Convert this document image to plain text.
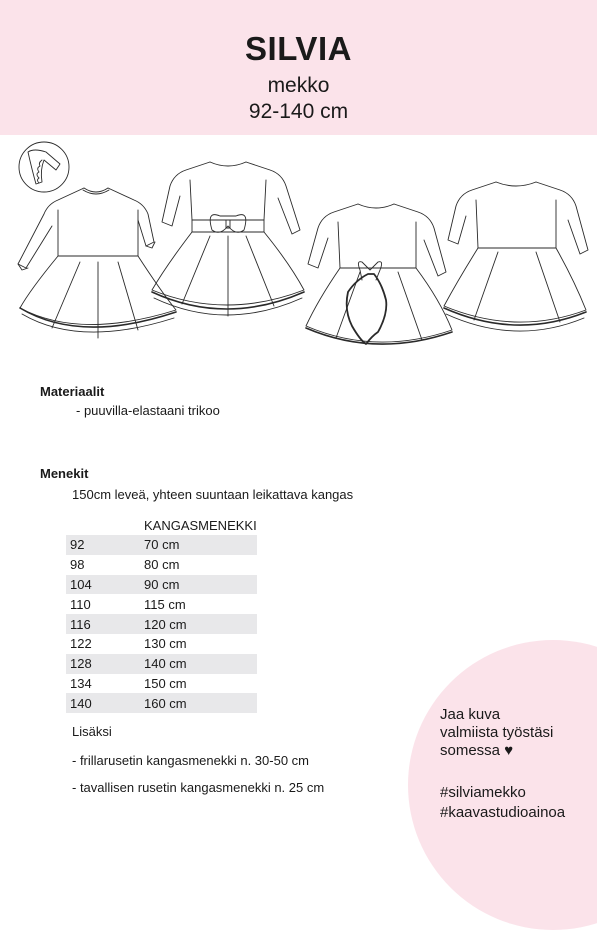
SILVIA
mekko
92-140 cm
Materiaalit
- puuvilla-elastaani trikoo
Menekit
150cm leveä, yhteen suuntaan leikattava kangas
	KANGASMENEKKI
92	70 cm
98	80 cm
104	90 cm
110	115 cm
116	120 cm
122	130 cm
128	140 cm
134	150 cm
140	160 cm
Lisäksi
- frillarusetin kangasmenekki n. 30-50 cm
- tavallisen rusetin kangasmenekki n. 25 cm
Jaa kuva
valmiista työstäsi
somessa ♥
#silviamekko
#kaavastudioainoa
